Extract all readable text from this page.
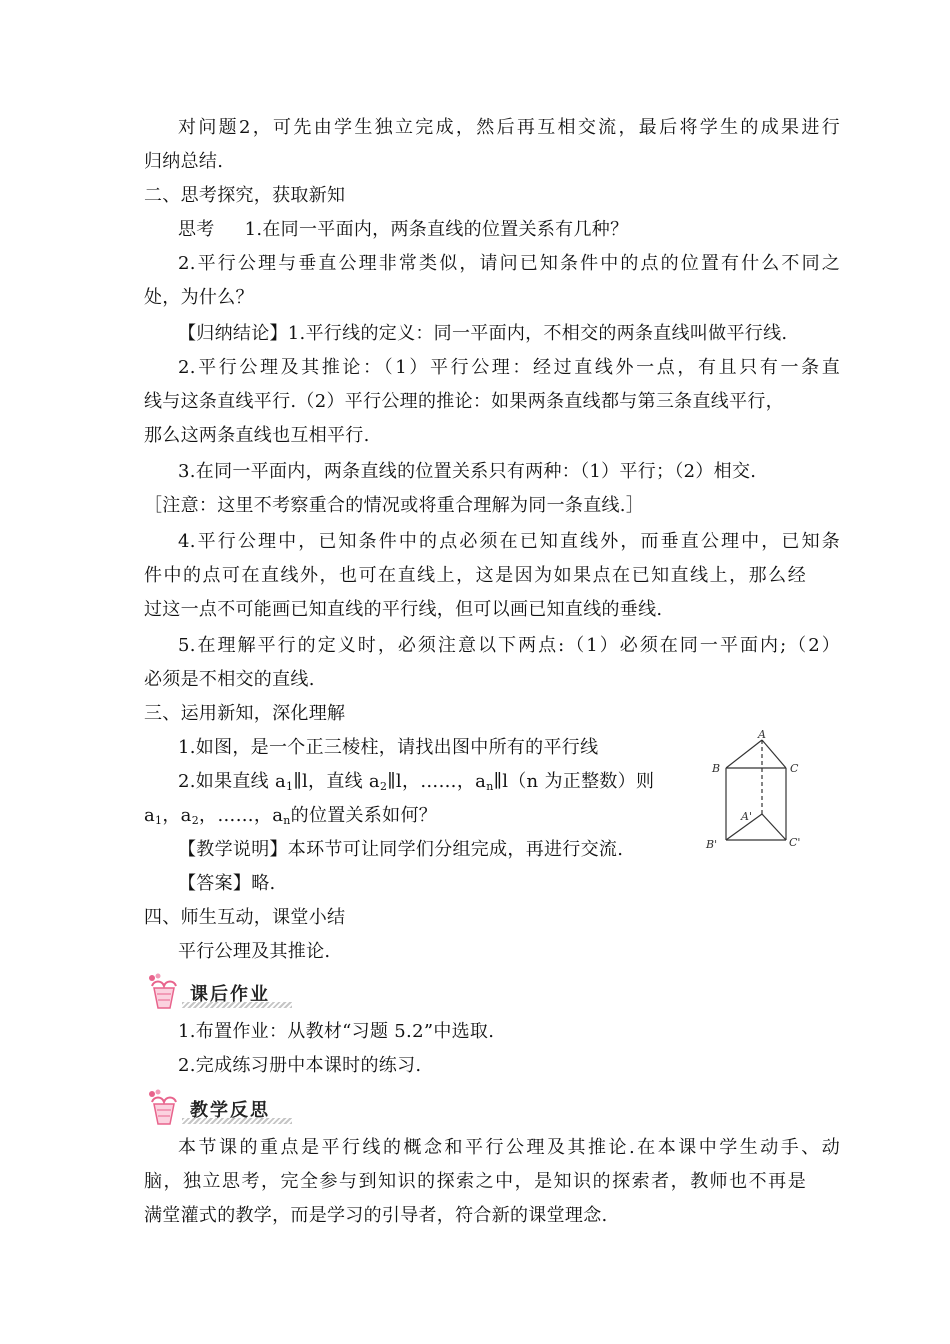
对问题2，可先由学生独立完成，然后再互相交流，最后将学生的成果进行
归纳总结.
二、思考探究，获取新知
思考 1.在同一平面内，两条直线的位置关系有几种？
2.平行公理与垂直公理非常类似，请问已知条件中的点的位置有什么不同之
处，为什么？
【归纳结论】1.平行线的定义：同一平面内，不相交的两条直线叫做平行线.
2.平行公理及其推论：（1）平行公理：经过直线外一点，有且只有一条直
线与这条直线平行.（2）平行公理的推论：如果两条直线都与第三条直线平行，
那么这两条直线也互相平行.
3.在同一平面内，两条直线的位置关系只有两种：（1）平行；（2）相交.
［注意：这里不考察重合的情况或将重合理解为同一条直线.］
4.平行公理中，已知条件中的点必须在已知直线外，而垂直公理中，已知条
件中的点可在直线外，也可在直线上，这是因为如果点在已知直线上，那么经
过这一点不可能画已知直线的平行线，但可以画已知直线的垂线.
5.在理解平行的定义时，必须注意以下两点:（1）必须在同一平面内;（2）
必须是不相交的直线.
三、运用新知，深化理解
1.如图，是一个正三棱柱，请找出图中所有的平行线
2.如果直线 $a_1\parallel l$，直线 $a_2\parallel l$，……，$a_n\parallel l(n$ 为正整数）则
$a_1$，$a_2$，……，$a_n$的位置关系如何？
【教学说明】本环节可让同学们分组完成，再进行交流.
【答案】略.
四、师生互动，课堂小结
平行公理及其推论.
A
B	C
A'
B'	C'
课后作业
1.布置作业：从教材“习题 5.2”中选取.
2.完成练习册中本课时的练习.
教学反思
本节课的重点是平行线的概念和平行公理及其推论.在本课中学生动手、动
脑，独立思考，完全参与到知识的探索之中，是知识的探索者，教师也不再是
满堂灌式的教学，而是学习的引导者，符合新的课堂理念.
